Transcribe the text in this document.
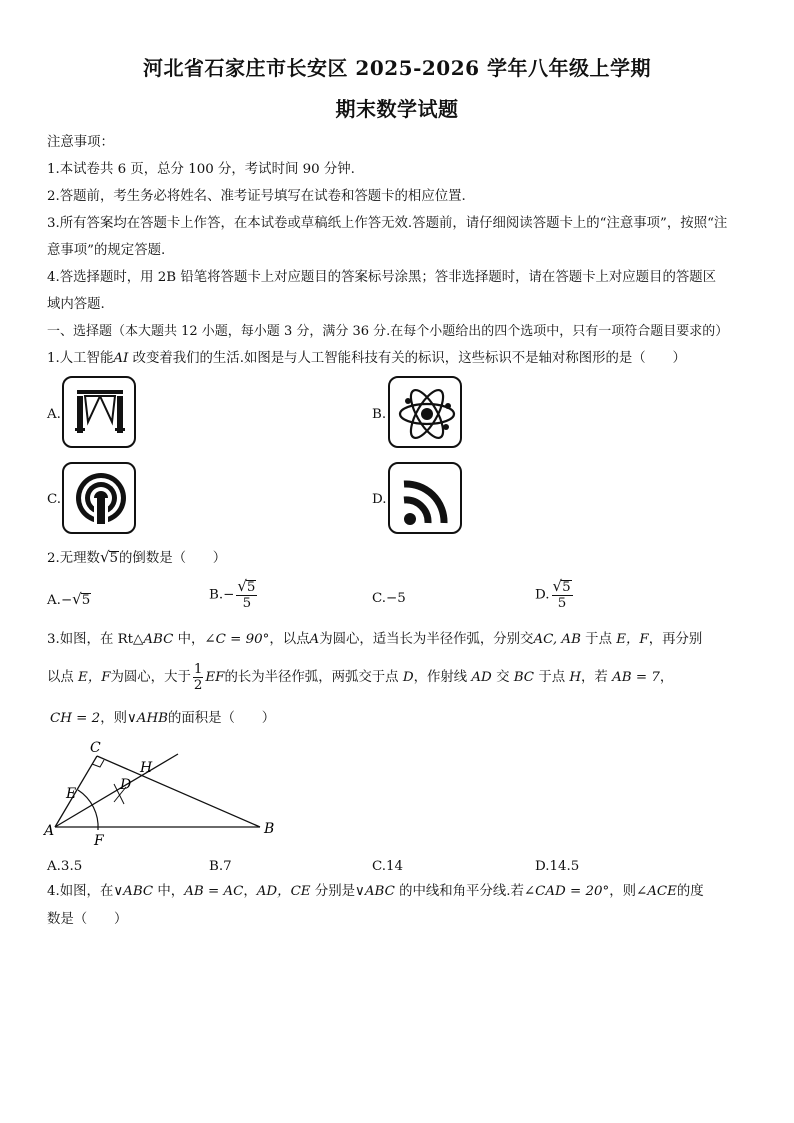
河北省石家庄市长安区 2025-2026 学年八年级上学期
期末数学试题
注意事项：
1.本试卷共 6 页，总分 100 分，考试时间 90 分钟.
2.答题前，考生务必将姓名、准考证号填写在试卷和答题卡的相应位置.
3.所有答案均在答题卡上作答，在本试卷或草稿纸上作答无效.答题前，请仔细阅读答题卡上的“注意事项”，按照“注
意事项”的规定答题.
4.答选择题时，用 2B 铅笔将答题卡上对应题目的答案标号涂黑；答非选择题时，请在答题卡上对应题目的答题区
域内答题.
一、选择题（本大题共 12 小题，每小题 3 分，满分 36 分.在每个小题给出的四个选项中，只有一项符合题目要求的）
1.人工智能AI 改变着我们的生活.如图是与人工智能科技有关的标识，这些标识不是轴对称图形的是（　　）
A.	B.
C.	D.
2.无理数√5的倒数是（　　）
A.−√5	$B.- \frac{√5}{5}$	C.−5	D. $\frac{√5}{5}$
3.如图，在 Rt△ABC 中，∠C = 90°，以点A为圆心，适当长为半径作弧，分别交AC, AB 于点 E，F，再分别
以点 E，F为圆心，大于 $\frac{1}{2}$ EF的长为半径作弧，两弧交于点 D，作射线 AD 交 BC 于点 H，若 AB = 7，
CH = 2，则∨AHB的面积是（　　）
C
H
D
E
A
F
B
A.3.5	B.7	C.14	D.14.5
4.如图，在∨ABC 中，AB = AC，AD，CE 分别是∨ABC 的中线和角平分线.若∠CAD = 20°，则∠ACE的度
数是（　　）
